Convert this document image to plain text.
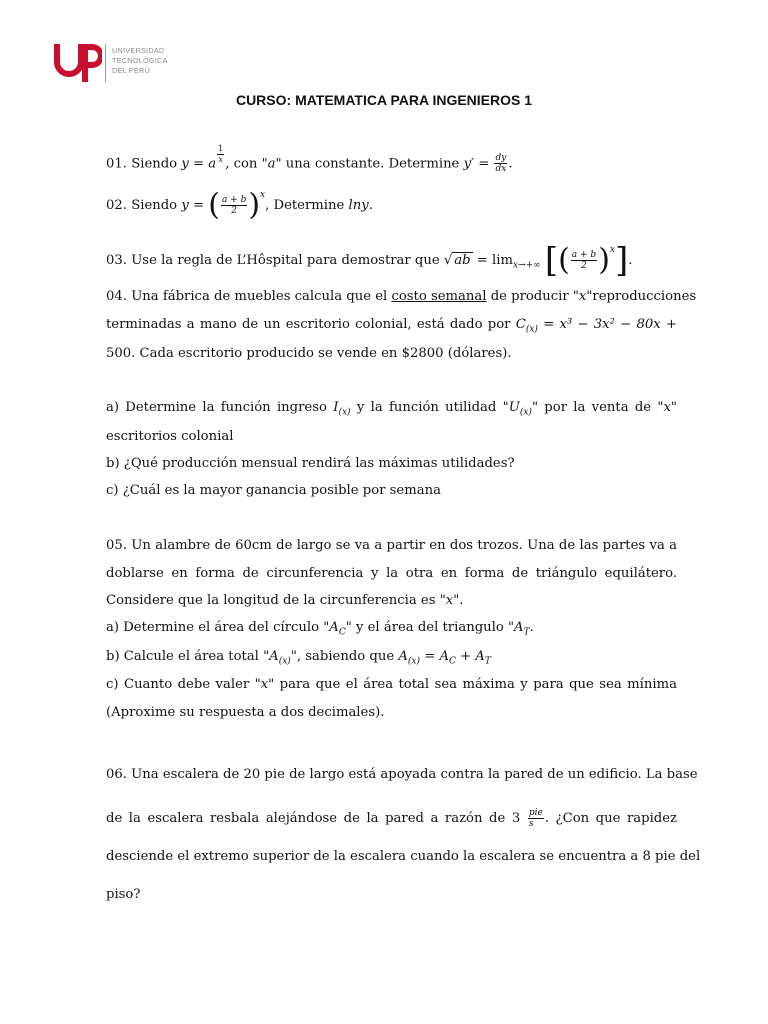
UNIVERSIDAD
TECNOLÓGICA
DEL PERÚ
CURSO: MATEMATICA PARA INGENIEROS 1
01. Siendo y = a $^{\frac{1}{x}}$ , con "a" una constante. Determine $y' = \frac{dy}{dx}$ .
02. Siendo y = ( $\frac{a + b}{2} )^x$, Determine lny.
03. Use la regla de L’Hôspital para demostrar que √ ab = $\lim_{x\to+\infty}$ [( $\frac{a + b}{2} )^x$].
04. Una fábrica de muebles calcula que el costo semanal de producir "x"reproducciones
terminadas a mano de un escritorio colonial, está dado por $C_{(x)} = x^3 - 3x^2 - 80x$ +
500. Cada escritorio producido se vende en $2800 (dólares).
a) Determine la función ingreso $I_{(x)}$ y la función utilidad "$U_{(x)}$" por la venta de "x"
escritorios colonial
b) ¿Qué producción mensual rendirá las máximas utilidades?
c) ¿Cuál es la mayor ganancia posible por semana
05. Un alambre de 60cm de largo se va a partir en dos trozos. Una de las partes va a
doblarse en forma de circunferencia y la otra en forma de triángulo equilátero.
Considere que la longitud de la circunferencia es "x".
a) Determine el área del círculo "$A_C$" y el área del triangulo "$A_T$.
b) Calcule el área total "$A_{(x)}$", sabiendo que $A_{(x)} = A_C + A_T$
c) Cuanto debe valer "x" para que el área total sea máxima y para que sea mínima
(Aproxime su respuesta a dos decimales).
06. Una escalera de 20 pie de largo está apoyada contra la pared de un edificio. La base
de la escalera resbala alejándose de la pared a razón de $3 \frac{\text{pie}}{s}$ . ¿Con que rapidez
desciende el extremo superior de la escalera cuando la escalera se encuentra a 8 pie del
piso?
